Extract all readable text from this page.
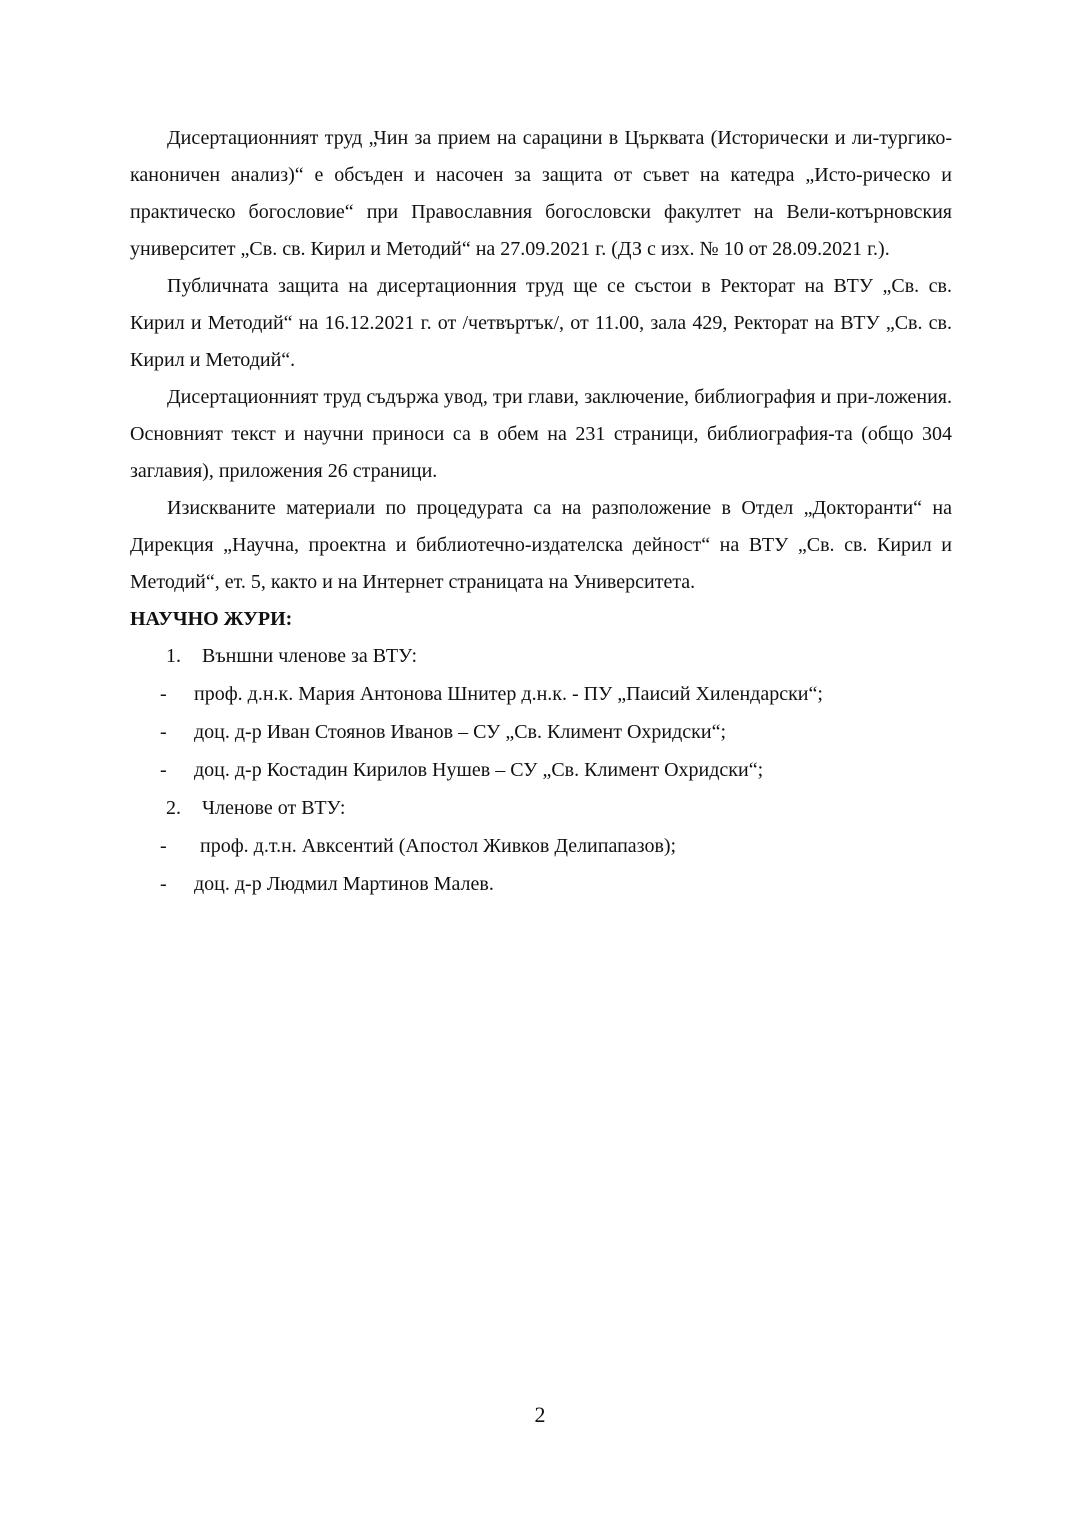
Дисертационният труд „Чин за прием на сарацини в Църквата (Исторически и ли-тургико-каноничен анализ)“ е обсъден и насочен за защита от съвет на катедра „Исто-рическо и практическо богословие“ при Православния богословски факултет на Вели-котърновския университет „Св. св. Кирил и Методий“ на 27.09.2021 г. (ДЗ с изх. № 10 от 28.09.2021 г.).

Публичната защита на дисертационния труд ще се състои в Ректорат на ВТУ „Св. св. Кирил и Методий“ на 16.12.2021 г. от /четвъртък/, от 11.00, зала 429, Ректорат на ВТУ „Св. св. Кирил и Методий“.

Дисертационният труд съдържа увод, три глави, заключение, библиография и при-ложения. Основният текст и научни приноси са в обем на 231 страници, библиография-та (общо 304 заглавия), приложения 26 страници.

Изискваните материали по процедурата са на разположение в Отдел „Докторанти“ на Дирекция „Научна, проектна и библиотечно-издателска дейност“ на ВТУ „Св. св. Кирил и Методий“, ет. 5, както и на Интернет страницата на Университета.

НАУЧНО ЖУРИ:

1.	Външни членове за ВТУ:

-	проф. д.н.к. Мария Антонова Шнитер д.н.к. - ПУ „Паисий Хилендарски“;

-	доц. д-р Иван Стоянов Иванов – СУ „Св. Климент Охридски“;

-	доц. д-р Костадин Кирилов Нушев – СУ „Св. Климент Охридски“;

2.	Членове от ВТУ:

-	проф. д.т.н. Авксентий (Апостол Живков Делипапазов);

-	доц. д-р Людмил Мартинов Малев.

2
